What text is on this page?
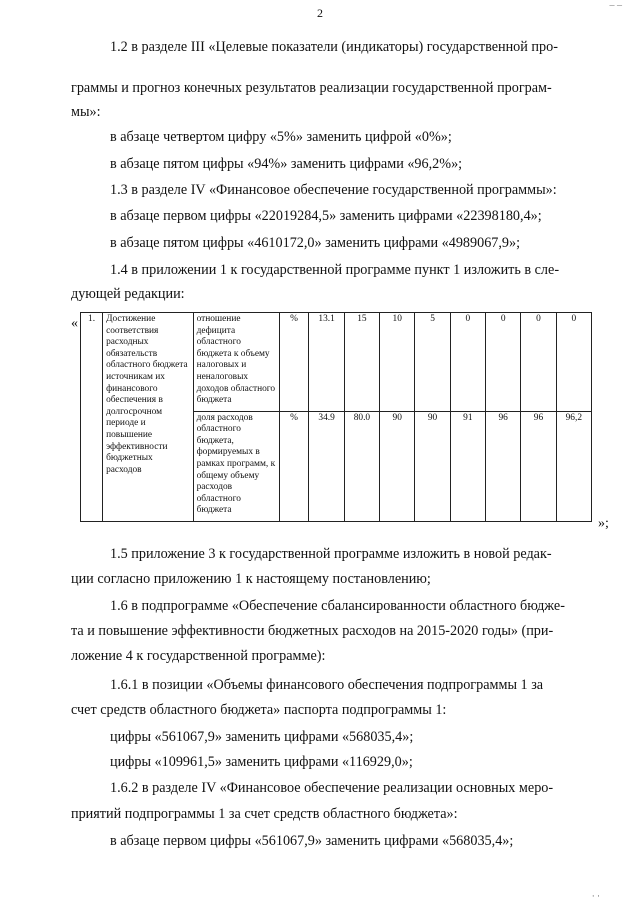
2
– –
1.2 в разделе III «Целевые показатели (индикаторы) государственной про-
граммы и прогноз конечных результатов реализации государственной програм-
мы»:
в абзаце четвертом цифру «5%» заменить цифрой «0%»;
в абзаце пятом цифры «94%» заменить цифрами «96,2%»;
1.3 в разделе IV «Финансовое обеспечение государственной программы»:
в абзаце первом цифры «22019284,5» заменить цифрами «22398180,4»;
в абзаце пятом цифры «4610172,0» заменить цифрами «4989067,9»;
1.4 в приложении 1 к государственной программе пункт 1 изложить в сле-
дующей редакции:
« 1.	Достижение соответствия расходных обязательств областного бюджета источникам их финансового обеспечения в долгосрочном периоде и повышение эффективности бюджетных расходов	отношение дефицита областного бюджета к объему налоговых и неналоговых доходов областного бюджета	%	13.1	15	10	5	0	0	0	0
		доля расходов областного бюджета, формируемых в рамках программ, к общему объему расходов областного бюджета	%	34.9	80.0	90	90	91	96	96	96,2
»;
1.5 приложение 3 к государственной программе изложить в новой редак-
ции согласно приложению 1 к настоящему постановлению;
1.6 в подпрограмме «Обеспечение сбалансированности областного бюдже-
та и повышение эффективности бюджетных расходов на 2015-2020 годы» (при-
ложение 4 к государственной программе):
1.6.1 в позиции «Объемы финансового обеспечения подпрограммы 1 за
счет средств областного бюджета» паспорта подпрограммы 1:
цифры «561067,9» заменить цифрами «568035,4»;
цифры «109961,5» заменить цифрами «116929,0»;
1.6.2 в разделе IV «Финансовое обеспечение реализации основных меро-
приятий подпрограммы 1 за счет средств областного бюджета»:
в абзаце первом цифры «561067,9» заменить цифрами «568035,4»;
· ·
